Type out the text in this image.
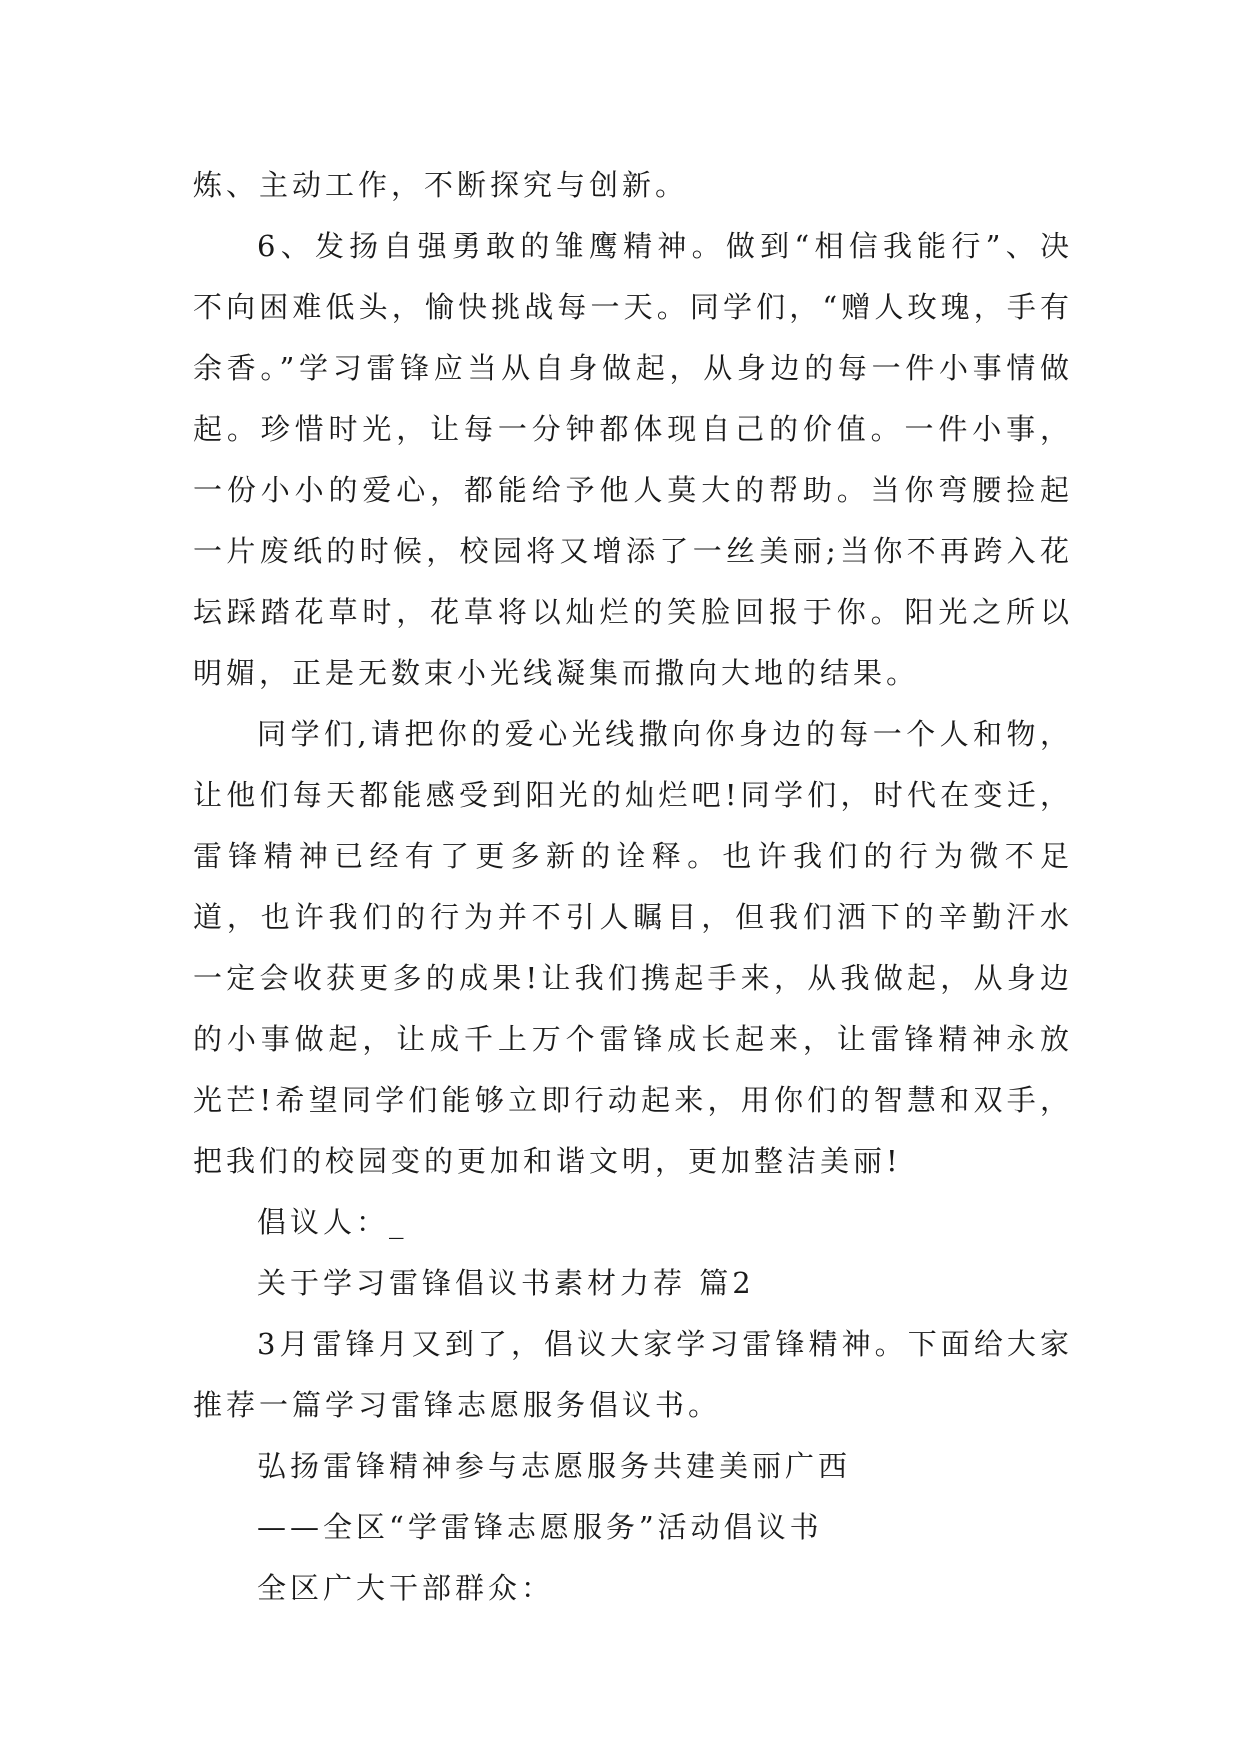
炼、主动工作，不断探究与创新。

6、发扬自强勇敢的雏鹰精神。做到“相信我能行”、决不向困难低头，愉快挑战每一天。同学们，“赠人玫瑰，手有余香。”学习雷锋应当从自身做起，从身边的每一件小事情做起。珍惜时光，让每一分钟都体现自己的价值。一件小事，一份小小的爱心，都能给予他人莫大的帮助。当你弯腰捡起一片废纸的时候，校园将又增添了一丝美丽;当你不再跨入花坛踩踏花草时，花草将以灿烂的笑脸回报于你。阳光之所以明媚，正是无数束小光线凝集而撒向大地的结果。

同学们,请把你的爱心光线撒向你身边的每一个人和物，让他们每天都能感受到阳光的灿烂吧!同学们，时代在变迁，雷锋精神已经有了更多新的诠释。也许我们的行为微不足道，也许我们的行为并不引人瞩目，但我们洒下的辛勤汗水一定会收获更多的成果!让我们携起手来，从我做起，从身边的小事做起，让成千上万个雷锋成长起来，让雷锋精神永放光芒!希望同学们能够立即行动起来，用你们的智慧和双手，把我们的校园变的更加和谐文明，更加整洁美丽!

倡议人：_

关于学习雷锋倡议书素材力荐 篇2

3月雷锋月又到了，倡议大家学习雷锋精神。下面给大家推荐一篇学习雷锋志愿服务倡议书。

弘扬雷锋精神参与志愿服务共建美丽广西

——全区“学雷锋志愿服务”活动倡议书

全区广大干部群众：
